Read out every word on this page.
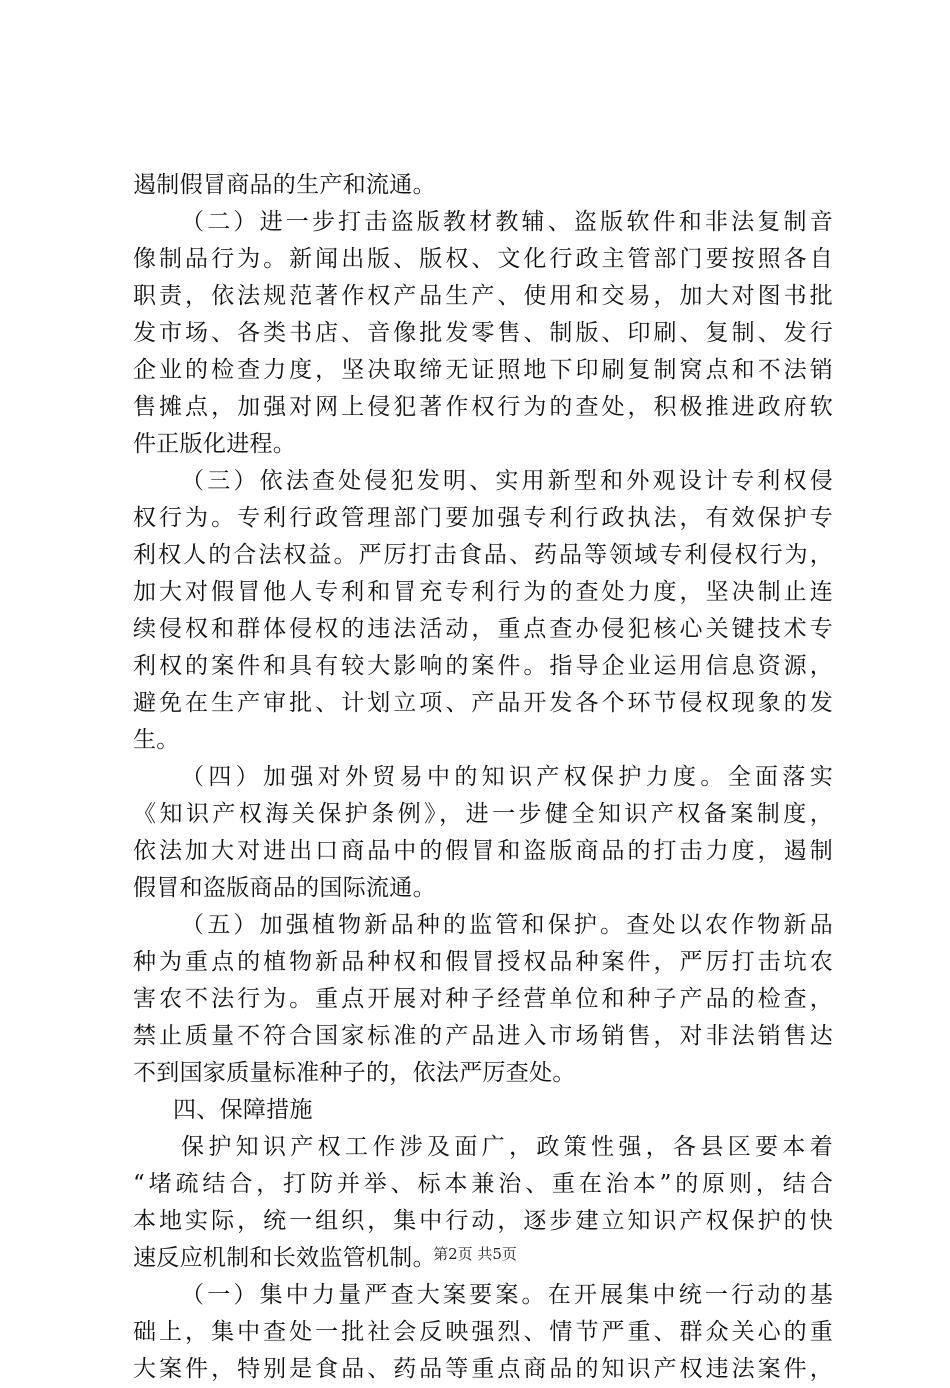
遏制假冒商品的生产和流通。
（二）进一步打击盗版教材教辅、盗版软件和非法复制音
像制品行为。新闻出版、版权、文化行政主管部门要按照各自
职责，依法规范著作权产品生产、使用和交易，加大对图书批
发市场、各类书店、音像批发零售、制版、印刷、复制、发行
企业的检查力度，坚决取缔无证照地下印刷复制窝点和不法销
售摊点，加强对网上侵犯著作权行为的查处，积极推进政府软
件正版化进程。
（三）依法查处侵犯发明、实用新型和外观设计专利权侵
权行为。专利行政管理部门要加强专利行政执法，有效保护专
利权人的合法权益。严厉打击食品、药品等领域专利侵权行为，
加大对假冒他人专利和冒充专利行为的查处力度，坚决制止连
续侵权和群体侵权的违法活动，重点查办侵犯核心关键技术专
利权的案件和具有较大影响的案件。指导企业运用信息资源，
避免在生产审批、计划立项、产品开发各个环节侵权现象的发
生。
（四）加强对外贸易中的知识产权保护力度。全面落实
《知识产权海关保护条例》，进一步健全知识产权备案制度，
依法加大对进出口商品中的假冒和盗版商品的打击力度，遏制
假冒和盗版商品的国际流通。
（五）加强植物新品种的监管和保护。查处以农作物新品
种为重点的植物新品种权和假冒授权品种案件，严厉打击坑农
害农不法行为。重点开展对种子经营单位和种子产品的检查，
禁止质量不符合国家标准的产品进入市场销售，对非法销售达
不到国家质量标准种子的，依法严厉查处。
四、保障措施
保护知识产权工作涉及面广，政策性强，各县区要本着
“堵疏结合，打防并举、标本兼治、重在治本”的原则，结合
本地实际，统一组织，集中行动，逐步建立知识产权保护的快
速反应机制和长效监管机制。
（一）集中力量严查大案要案。在开展集中统一行动的基
础上，集中查处一批社会反映强烈、情节严重、群众关心的重
大案件，特别是食品、药品等重点商品的知识产权违法案件，
第2页 共5页
